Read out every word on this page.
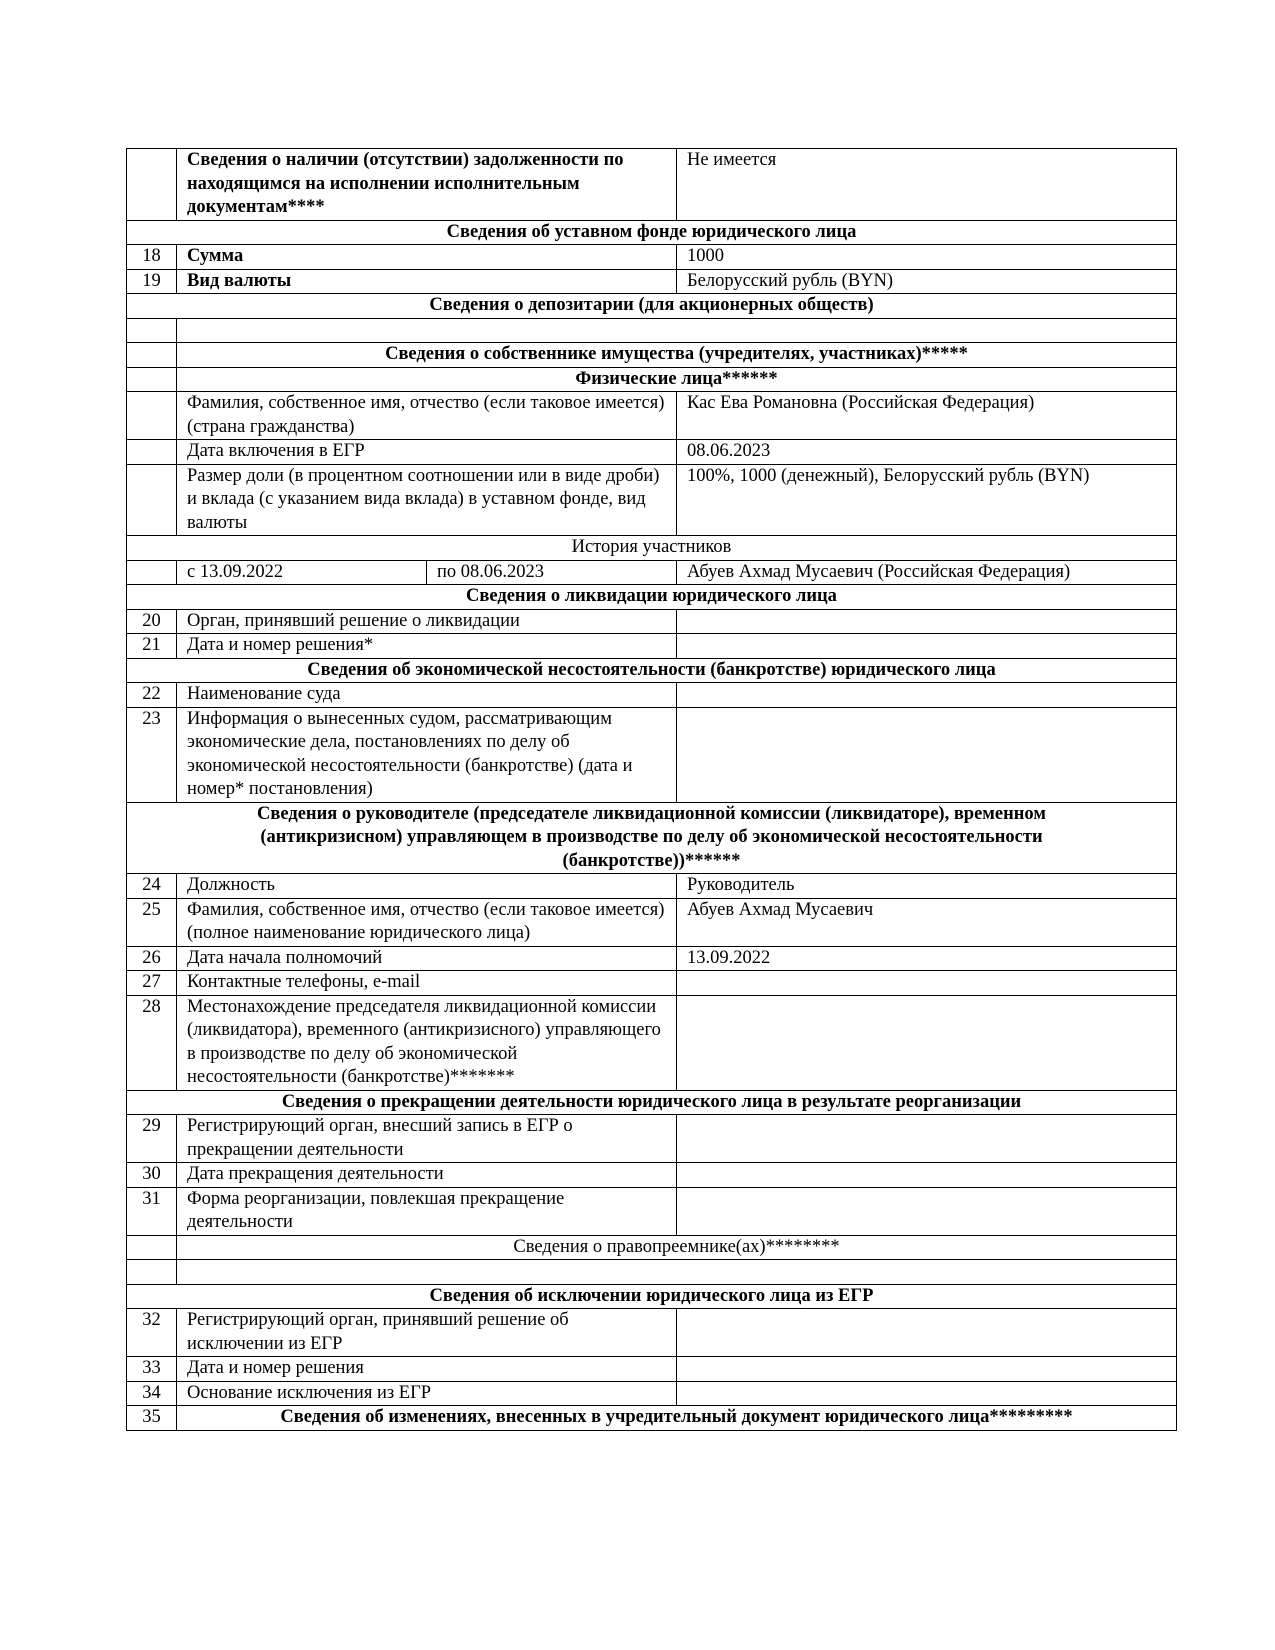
	Сведения о наличии (отсутствии) задолженности по находящимся на исполнении исполнительным документам****		Не имеется
Сведения об уставном фонде юридического лица			
18	Сумма		1000
19	Вид валюты		Белорусский рубль (BYN)
Сведения о депозитарии (для акционерных обществ)			

	Сведения о собственнике имущества (учредителях, участниках)*****		
	Физические лица******		
	Фамилия, собственное имя, отчество (если таковое имеется) (страна гражданства)		Кас Ева Романовна (Российская Федерация)
	Дата включения в ЕГР		08.06.2023
	Размер доли (в процентном соотношении или в виде дроби) и вклада (с указанием вида вклада) в уставном фонде, вид валюты		100%, 1000 (денежный), Белорусский рубль (BYN)
История участников			
	с 13.09.2022	по 08.06.2023	Абуев Ахмад Мусаевич (Российская Федерация)
Сведения о ликвидации юридического лица			
20	Орган, принявший решение о ликвидации		
21	Дата и номер решения*		
Сведения об экономической несостоятельности (банкротстве) юридического лица			
22	Наименование суда		
23	Информация о вынесенных судом, рассматривающим экономические дела, постановлениях по делу об экономической несостоятельности (банкротстве) (дата и номер* постановления)		
Сведения о руководителе (председателе ликвидационной комиссии (ликвидаторе), временном (антикризисном) управляющем в производстве по делу об экономической несостоятельности (банкротстве))******			
24	Должность		Руководитель
25	Фамилия, собственное имя, отчество (если таковое имеется) (полное наименование юридического лица)		Абуев Ахмад Мусаевич
26	Дата начала полномочий		13.09.2022
27	Контактные телефоны, e-mail		
28	Местонахождение председателя ликвидационной комиссии (ликвидатора), временного (антикризисного) управляющего в производстве по делу об экономической несостоятельности (банкротстве)*******		
Сведения о прекращении деятельности юридического лица в результате реорганизации			
29	Регистрирующий орган, внесший запись в ЕГР о прекращении деятельности		
30	Дата прекращения деятельности		
31	Форма реорганизации, повлекшая прекращение деятельности		
	Сведения о правопреемнике(ах)********		

Сведения об исключении юридического лица из ЕГР			
32	Регистрирующий орган, принявший решение об исключении из ЕГР		
33	Дата и номер решения		
34	Основание исключения из ЕГР		
35	Сведения об изменениях, внесенных в учредительный документ юридического лица*********		
